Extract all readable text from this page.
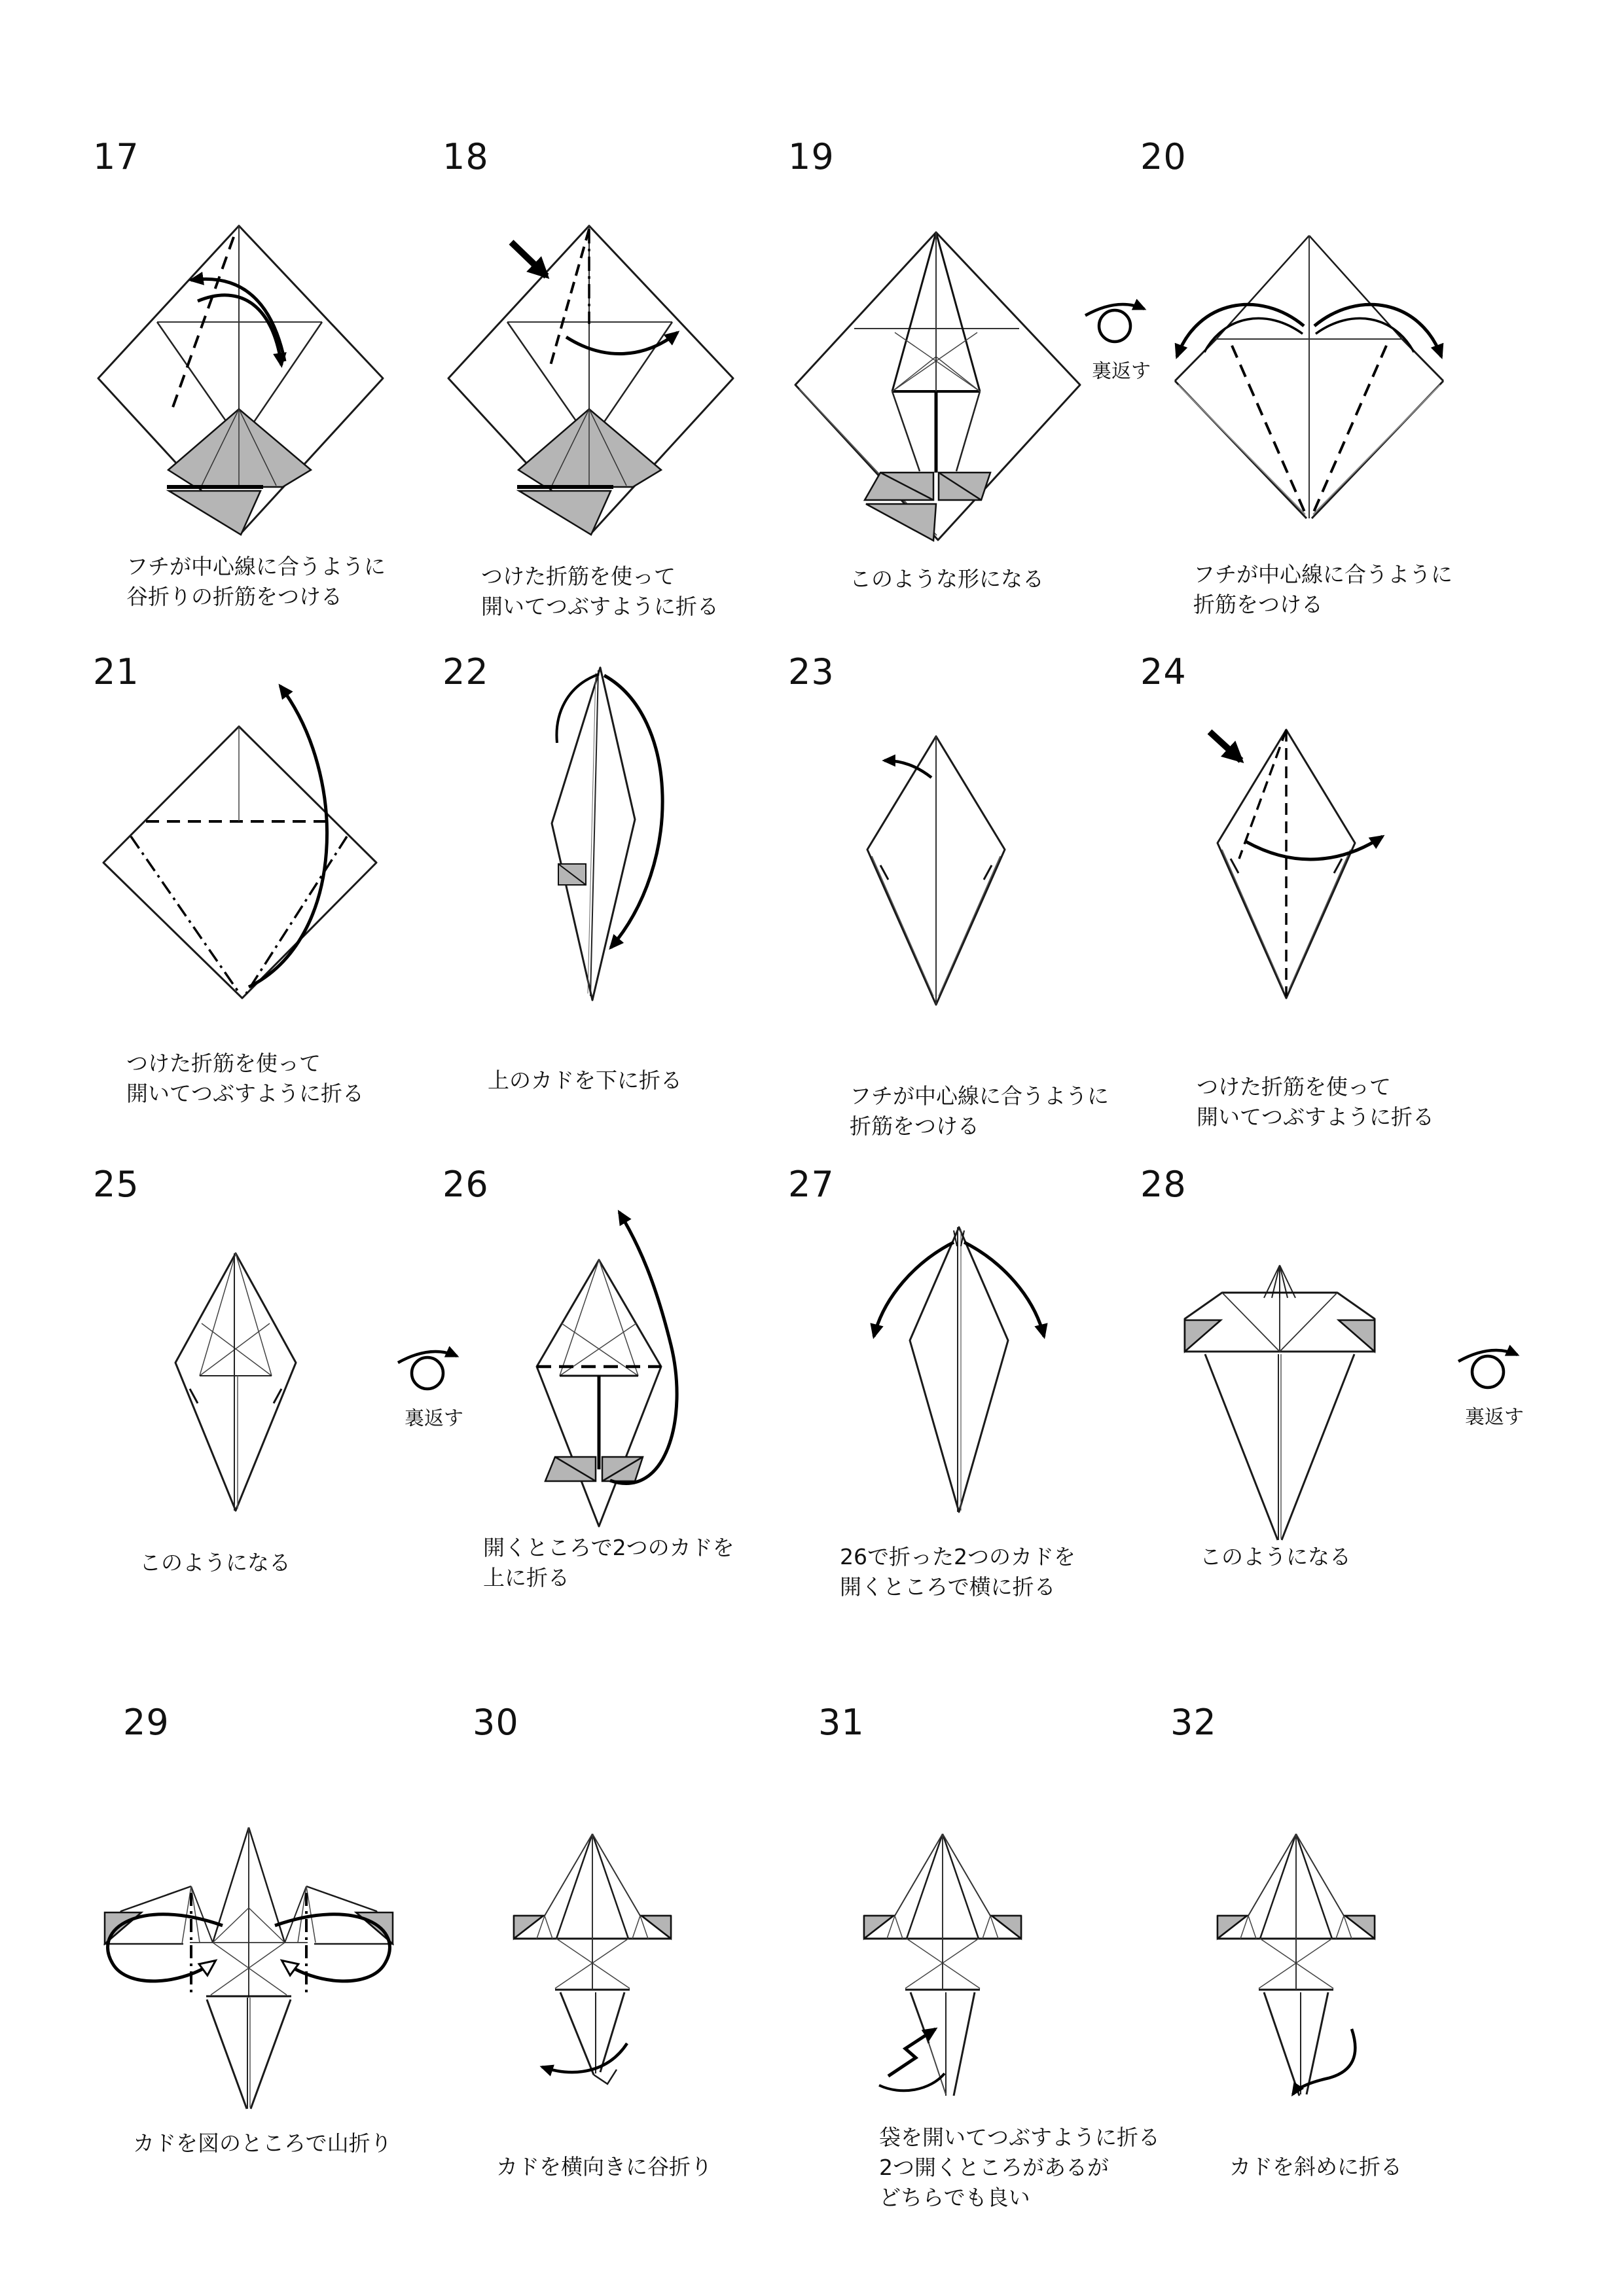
17	18	19	20
21	22	23	24
25	26	27	28
29	30	31	32
裏返す
裏返す	裏返す
フチが中心線に合うように
谷折りの折筋をつける
つけた折筋を使って
開いてつぶすように折る
このような形になる	フチが中心線に合うように
折筋をつける
つけた折筋を使って
開いてつぶすように折る
上のカドを下に折る
フチが中心線に合うように
折筋をつける
つけた折筋を使って
開いてつぶすように折る
このようになる
開くところで2つのカドを
上に折る
26で折った2つのカドを
開くところで横に折る
このようになる
カドを図のところで山折り
カドを横向きに谷折り
袋を開いてつぶすように折る
2つ開くところがあるが
どちらでも良い
カドを斜めに折る
